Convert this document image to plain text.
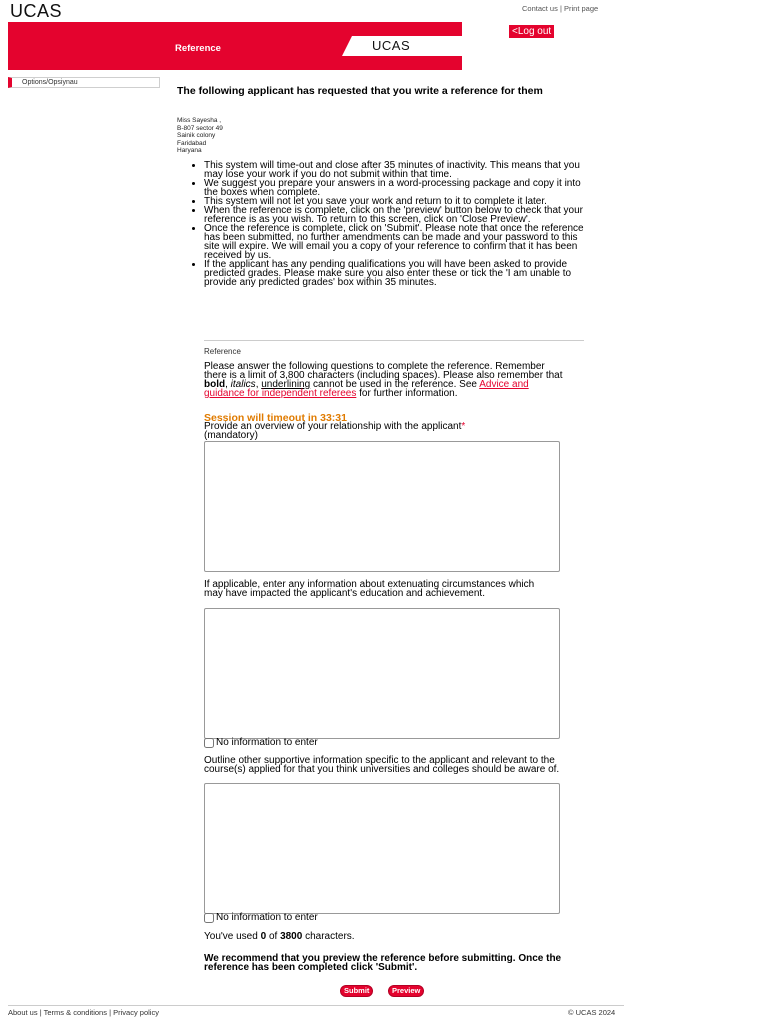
UCAS	Contact us | Print page
Reference	UCAS
<Log out
Options/Opsiynau
The following applicant has requested that you write a reference for them
Miss Sayesha ,
B-807 sector 49
Sainik colony
Faridabad
Haryana
• This system will time-out and close after 35 minutes of inactivity. This means that you may lose your work if you do not submit within that time.
• We suggest you prepare your answers in a word-processing package and copy it into the boxes when complete.
• This system will not let you save your work and return to it to complete it later.
• When the reference is complete, click on the 'preview' button below to check that your reference is as you wish. To return to this screen, click on 'Close Preview'.
• Once the reference is complete, click on 'Submit'. Please note that once the reference has been submitted, no further amendments can be made and your password to this site will expire. We will email you a copy of your reference to confirm that it has been received by us.
• If the applicant has any pending qualifications you will have been asked to provide predicted grades. Please make sure you also enter these or tick the 'I am unable to provide any predicted grades' box within 35 minutes.
Reference
Please answer the following questions to complete the reference. Remember there is a limit of 3,800 characters (including spaces). Please also remember that bold, italics, underlining cannot be used in the reference. See Advice and guidance for independent referees for further information.
Session will timeout in 33:31
Provide an overview of your relationship with the applicant* (mandatory)
If applicable, enter any information about extenuating circumstances which may have impacted the applicant's education and achievement.
No information to enter
Outline other supportive information specific to the applicant and relevant to the course(s) applied for that you think universities and colleges should be aware of.
No information to enter
You've used 0 of 3800 characters.
We recommend that you preview the reference before submitting. Once the reference has been completed click 'Submit'.
Submit	Preview
About us | Terms & conditions | Privacy policy	© UCAS 2024
